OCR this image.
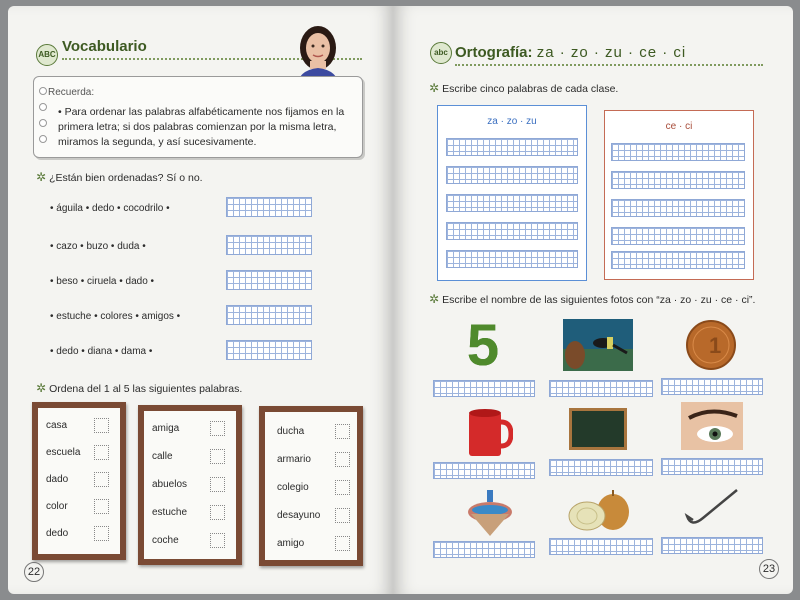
ABC Vocabulario
Recuerda:
• Para ordenar las palabras alfabéticamente nos fijamos en la primera letra; si dos palabras comienzan por la misma letra, miramos la segunda, y así sucesivamente.
✲ ¿Están bien ordenadas? Sí o no.
• águila • dedo • cocodrilo •
• cazo • buzo • duda •
• beso • ciruela • dado •
• estuche • colores • amigos •
• dedo • diana • dama •
✲ Ordena del 1 al 5 las siguientes palabras.
casa
escuela
dado
color
dedo
amiga
calle
abuelos
estuche
coche
ducha
armario
colegio
desayuno
amigo
22
abc Ortografía: za · zo · zu · ce · ci
✲ Escribe cinco palabras de cada clase.
za · zo · zu	ce · ci
✲ Escribe el nombre de las siguientes fotos con “za · zo · zu · ce · ci”.
5	1
23
